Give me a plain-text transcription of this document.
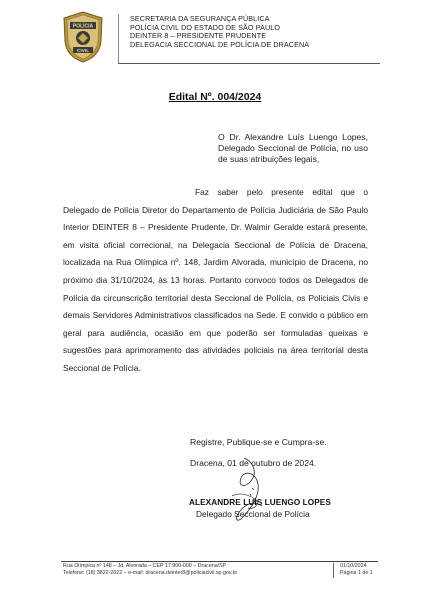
POLÍCIA
CIVIL
SECRETARIA DA SEGURANÇA PÚBLICA
POLÍCIA CIVIL DO ESTADO DE SÃO PAULO
DEINTER 8 – PRESIDENTE PRUDENTE
DELEGACIA SECCIONAL DE POLÍCIA DE DRACENA
Edital Nº. 004/2024
O Dr. Alexandre Luís Luengo Lopes, Delegado Seccional de Polícia, no uso de suas atribuições legais,
Faz saber pelo presente edital que o Delegado de Polícia Diretor do Departamento de Polícia Judiciária de São Paulo Interior DEINTER 8 – Presidente Prudente, Dr. Walmir Geralde estará presente, em visita oficial correcional, na Delegacia Seccional de Polícia de Dracena, localizada na Rua Olímpica nº. 148, Jardim Alvorada, município de Dracena, no próximo dia 31/10/2024, às 13 horas. Portanto convoco todos os Delegados de Polícia da circunscrição territorial desta Seccional de Polícia, os Policiais Civis e demais Servidores Administrativos classificados na Sede. E convido o público em geral para audiência, ocasião em que poderão ser formuladas queixas e sugestões para aprimoramento das atividades policiais na área territorial desta Seccional de Polícia.
Registre, Publique-se e Cumpra-se.
Dracena, 01 de outubro de 2024.
ALEXANDRE LUÍS LUENGO LOPES
Delegado Seccional de Polícia
Rua Olímpica nº 148 – Jd. Alvorada – CEP 17.900-000 – Dracena/SP
Telefone: (18) 3822-2022 – e-mail: dracena.deinter8@policiacivil.sp.gov.br
01/10/2024
Página 1 de 1
